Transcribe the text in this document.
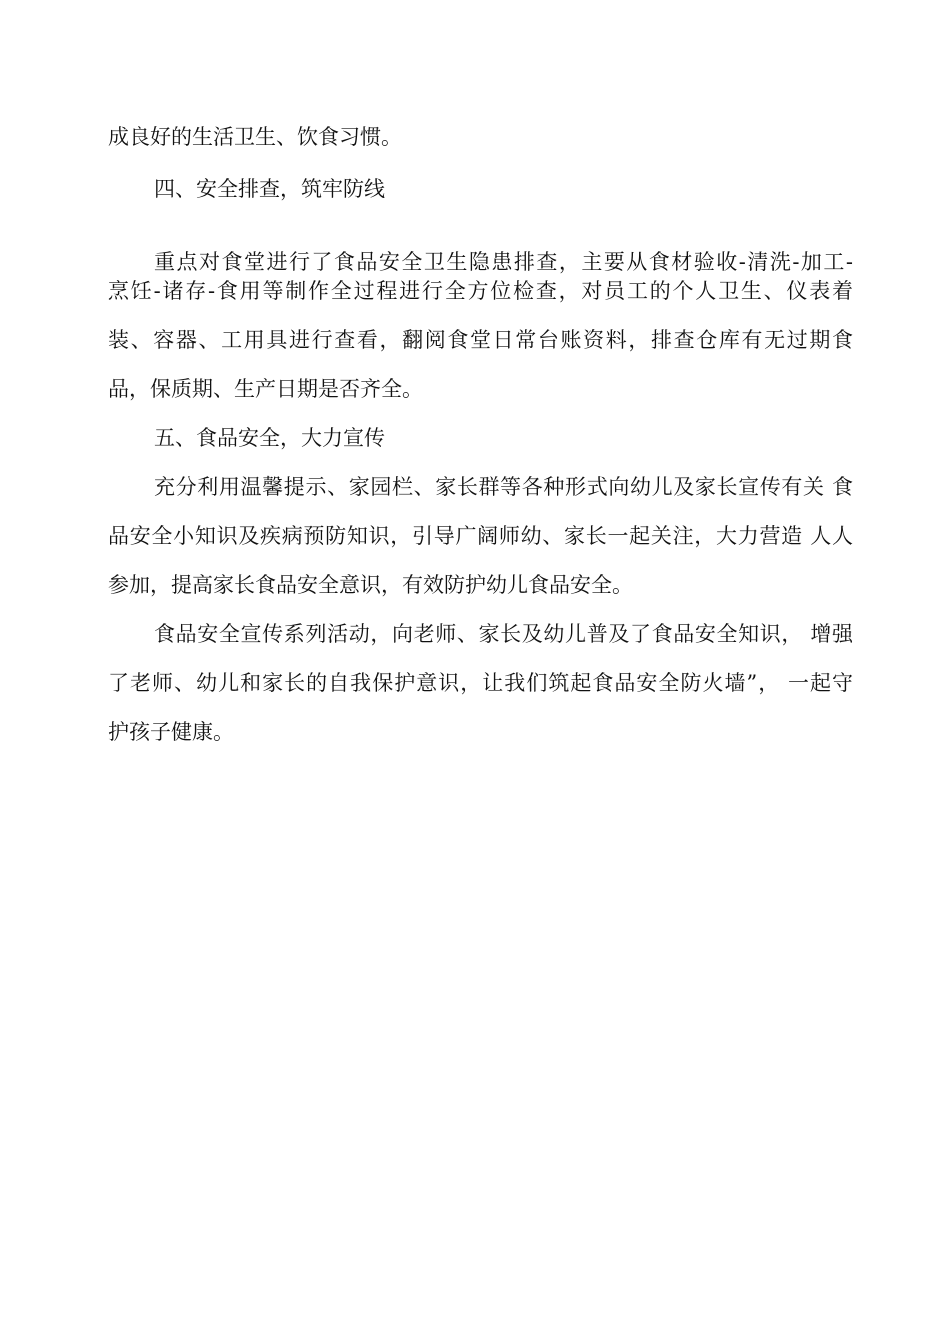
成良好的生活卫生、饮食习惯。
四、安全排查，筑牢防线
重点对食堂进行了食品安全卫生隐患排查，主要从食材验收-清洗-加工-
烹饪-诸存-食用等制作全过程进行全方位检查，对员工的个人卫生、仪表着
装、容器、工用具进行查看，翻阅食堂日常台账资料，排查仓库有无过期食
品，保质期、生产日期是否齐全。
五、食品安全，大力宣传
充分利用温馨提示、家园栏、家长群等各种形式向幼儿及家长宣传有关 食
品安全小知识及疾病预防知识，引导广阔师幼、家长一起关注，大力营造 人人
参加，提高家长食品安全意识，有效防护幼儿食品安全。
食品安全宣传系列活动，向老师、家长及幼儿普及了食品安全知识， 增强
了老师、幼儿和家长的自我保护意识，让我们筑起食品安全防火墙”， 一起守
护孩子健康。
